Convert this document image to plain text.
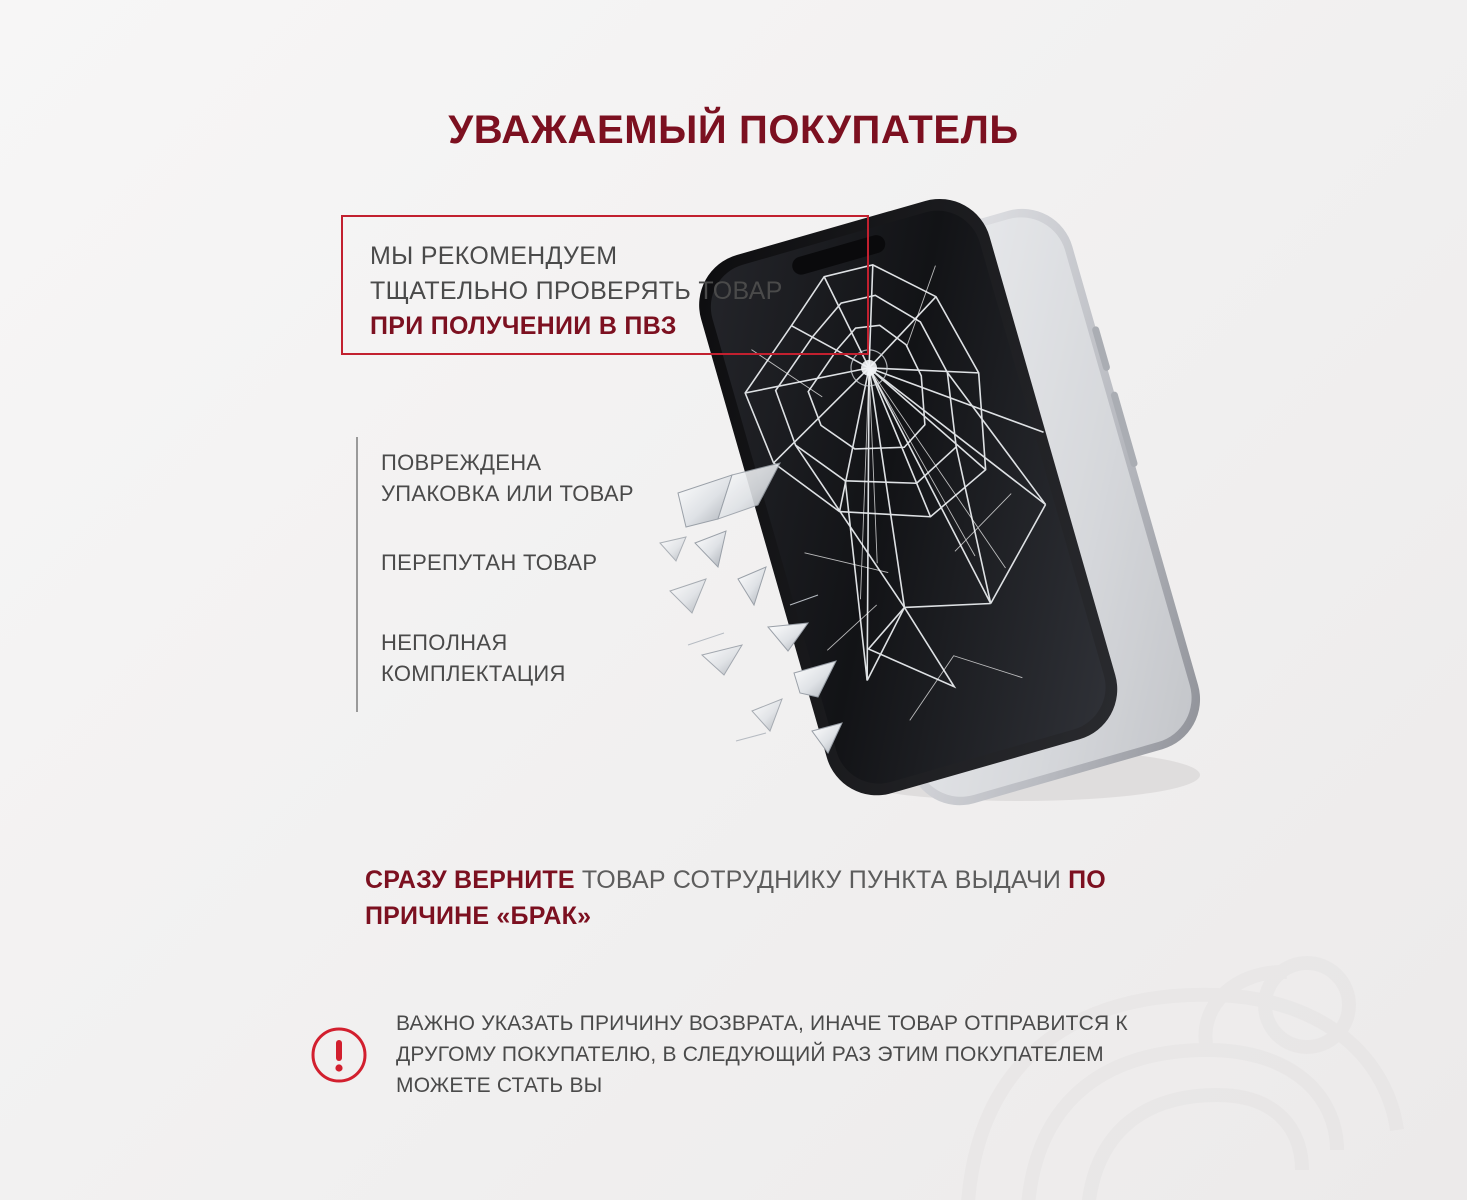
УВАЖАЕМЫЙ ПОКУПАТЕЛЬ
МЫ РЕКОМЕНДУЕМ
ТЩАТЕЛЬНО ПРОВЕРЯТЬ ТОВАР
ПРИ ПОЛУЧЕНИИ В ПВЗ
ПОВРЕЖДЕНА
УПАКОВКА ИЛИ ТОВАР
ПЕРЕПУТАН ТОВАР
НЕПОЛНАЯ
КОМПЛЕКТАЦИЯ
СРАЗУ ВЕРНИТЕ ТОВАР СОТРУДНИКУ ПУНКТА ВЫДАЧИ ПО ПРИЧИНЕ «БРАК»
ВАЖНО УКАЗАТЬ ПРИЧИНУ ВОЗВРАТА, ИНАЧЕ ТОВАР ОТПРАВИТСЯ К ДРУГОМУ ПОКУПАТЕЛЮ, В СЛЕДУЮЩИЙ РАЗ ЭТИМ ПОКУПАТЕЛЕМ МОЖЕТЕ СТАТЬ ВЫ
